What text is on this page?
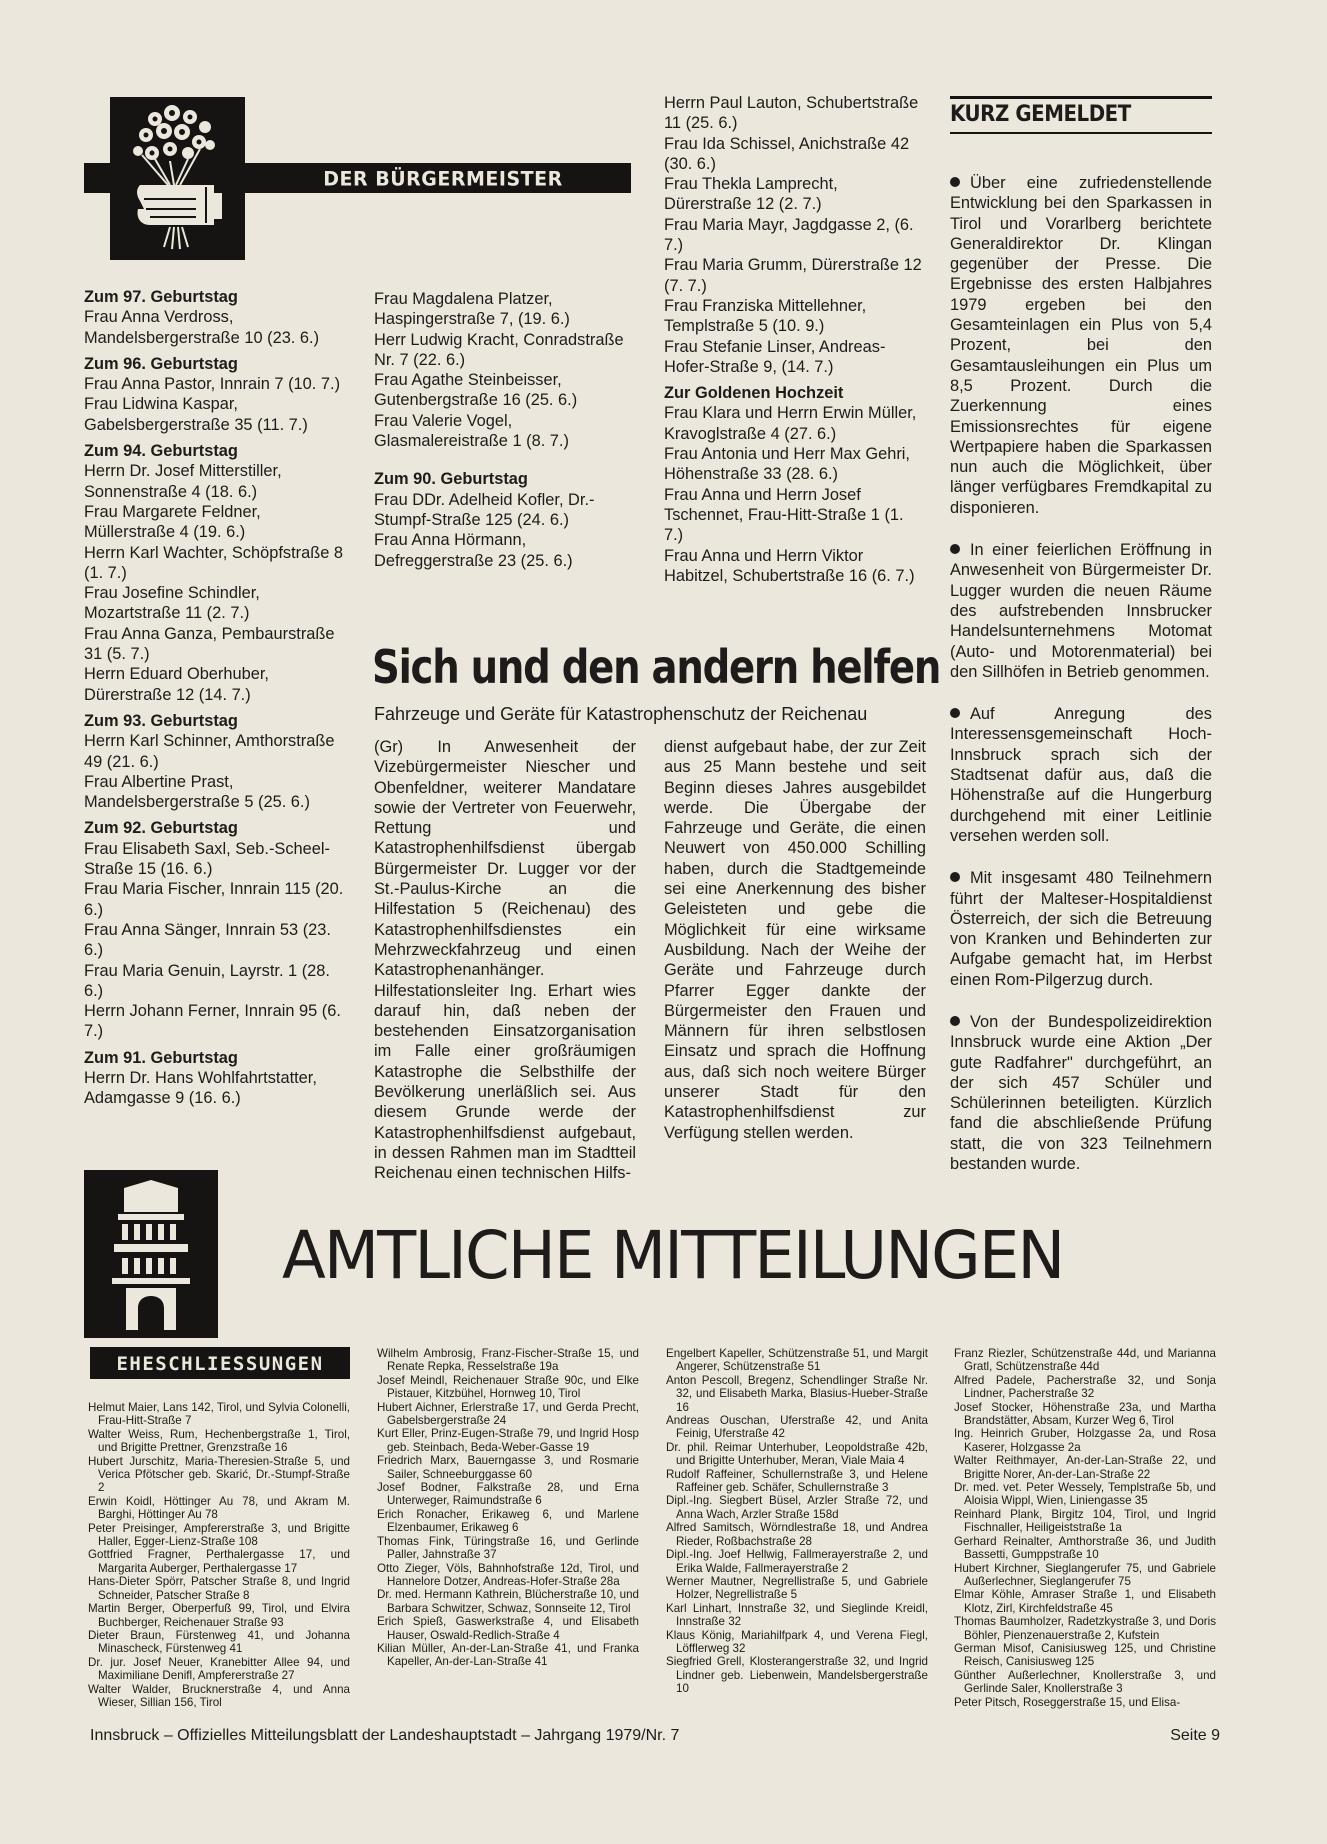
DER BÜRGERMEISTER GRATULIERTE

Zum 97. Geburtstag

Frau Anna Verdross, Mandelsbergerstraße 10 (23. 6.)

Zum 96. Geburtstag

Frau Anna Pastor, Innrain 7 (10. 7.)

Frau Lidwina Kaspar, Gabelsbergerstraße 35 (11. 7.)

Zum 94. Geburtstag

Herrn Dr. Josef Mitterstiller, Sonnenstraße 4 (18. 6.)

Frau Margarete Feldner, Müllerstraße 4 (19. 6.)

Herrn Karl Wachter, Schöpfstraße 8 (1. 7.)

Frau Josefine Schindler, Mozartstraße 11 (2. 7.)

Frau Anna Ganza, Pembaurstraße 31 (5. 7.)

Herrn Eduard Oberhuber, Dürerstraße 12 (14. 7.)

Zum 93. Geburtstag

Herrn Karl Schinner, Amthorstraße 49 (21. 6.)

Frau Albertine Prast, Mandelsbergerstraße 5 (25. 6.)

Zum 92. Geburtstag

Frau Elisabeth Saxl, Seb.-Scheel-Straße 15 (16. 6.)

Frau Maria Fischer, Innrain 115 (20. 6.)

Frau Anna Sänger, Innrain 53 (23. 6.)

Frau Maria Genuin, Layrstr. 1 (28. 6.)

Herrn Johann Ferner, Innrain 95 (6. 7.)

Zum 91. Geburtstag

Herrn Dr. Hans Wohlfahrtstatter, Adamgasse 9 (16. 6.)

Frau Magdalena Platzer, Haspingerstraße 7, (19. 6.)

Herr Ludwig Kracht, Conradstraße Nr. 7 (22. 6.)

Frau Agathe Steinbeisser, Gutenbergstraße 16 (25. 6.)

Frau Valerie Vogel, Glasmalereistraße 1 (8. 7.)

Zum 90. Geburtstag

Frau DDr. Adelheid Kofler, Dr.-Stumpf-Straße 125 (24. 6.)

Frau Anna Hörmann, Defreggerstraße 23 (25. 6.)

Herrn Paul Lauton, Schubertstraße 11 (25. 6.)

Frau Ida Schissel, Anichstraße 42 (30. 6.)

Frau Thekla Lamprecht, Dürerstraße 12 (2. 7.)

Frau Maria Mayr, Jagdgasse 2, (6. 7.)

Frau Maria Grumm, Dürerstraße 12 (7. 7.)

Frau Franziska Mittellehner, Templstraße 5 (10. 9.)

Frau Stefanie Linser, Andreas-Hofer-Straße 9, (14. 7.)

Zur Goldenen Hochzeit

Frau Klara und Herrn Erwin Müller, Kravoglstraße 4 (27. 6.)

Frau Antonia und Herr Max Gehri, Höhenstraße 33 (28. 6.)

Frau Anna und Herrn Josef Tschennet, Frau-Hitt-Straße 1 (1. 7.)

Frau Anna und Herrn Viktor Habitzel, Schubertstraße 16 (6. 7.)

KURZ GEMELDET

Über eine zufriedenstellende Entwicklung bei den Sparkassen in Tirol und Vorarlberg berichtete Generaldirektor Dr. Klingan gegenüber der Presse. Die Ergebnisse des ersten Halbjahres 1979 ergeben bei den Gesamteinlagen ein Plus von 5,4 Prozent, bei den Gesamtausleihungen ein Plus um 8,5 Prozent. Durch die Zuerkennung eines Emissionsrechtes für eigene Wertpapiere haben die Sparkassen nun auch die Möglichkeit, über länger verfügbares Fremdkapital zu disponieren.

In einer feierlichen Eröffnung in Anwesenheit von Bürgermeister Dr. Lugger wurden die neuen Räume des aufstrebenden Innsbrucker Handelsunternehmens Motomat (Auto- und Motorenmaterial) bei den Sillhöfen in Betrieb genommen.

Auf Anregung des Interessensgemeinschaft Hoch-Innsbruck sprach sich der Stadtsenat dafür aus, daß die Höhenstraße auf die Hungerburg durchgehend mit einer Leitlinie versehen werden soll.

Mit insgesamt 480 Teilnehmern führt der Malteser-Hospitaldienst Österreich, der sich die Betreuung von Kranken und Behinderten zur Aufgabe gemacht hat, im Herbst einen Rom-Pilgerzug durch.

Von der Bundespolizeidirektion Innsbruck wurde eine Aktion „Der gute Radfahrer" durchgeführt, an der sich 457 Schüler und Schülerinnen beteiligten. Kürzlich fand die abschließende Prüfung statt, die von 323 Teilnehmern bestanden wurde.

Sich und den andern helfen
Fahrzeuge und Geräte für Katastrophenschutz der Reichenau
(Gr) In Anwesenheit der Vizebürgermeister Niescher und Obenfeldner, weiterer Mandatare sowie der Vertreter von Feuerwehr, Rettung und Katastrophenhilfsdienst übergab Bürgermeister Dr. Lugger vor der St.-Paulus-Kirche an die Hilfestation 5 (Reichenau) des Katastrophenhilfsdienstes ein Mehrzweckfahrzeug und einen Katastrophenanhänger. Hilfestationsleiter Ing. Erhart wies darauf hin, daß neben der bestehenden Einsatzorganisation im Falle einer großräumigen Katastrophe die Selbsthilfe der Bevölkerung unerläßlich sei. Aus diesem Grunde werde der Katastrophenhilfsdienst aufgebaut, in dessen Rahmen man im Stadtteil Reichenau einen technischen Hilfs-
dienst aufgebaut habe, der zur Zeit aus 25 Mann bestehe und seit Beginn dieses Jahres ausgebildet werde. Die Übergabe der Fahrzeuge und Geräte, die einen Neuwert von 450.000 Schilling haben, durch die Stadtgemeinde sei eine Anerkennung des bisher Geleisteten und gebe die Möglichkeit für eine wirksame Ausbildung. Nach der Weihe der Geräte und Fahrzeuge durch Pfarrer Egger dankte der Bürgermeister den Frauen und Männern für ihren selbstlosen Einsatz und sprach die Hoffnung aus, daß sich noch weitere Bürger unserer Stadt für den Katastrophenhilfsdienst zur Verfügung stellen werden.
AMTLICHE MITTEILUNGEN
EHESCHLIESSUNGEN

Helmut Maier, Lans 142, Tirol, und Sylvia Colonelli, Frau-Hitt-Straße 7

Walter Weiss, Rum, Hechenbergstraße 1, Tirol, und Brigitte Prettner, Grenzstraße 16

Hubert Jurschitz, Maria-Theresien-Straße 5, und Verica Pfötscher geb. Skarić, Dr.-Stumpf-Straße 2

Erwin Koidl, Höttinger Au 78, und Akram M. Barghi, Höttinger Au 78

Peter Preisinger, Ampfererstraße 3, und Brigitte Haller, Egger-Lienz-Straße 108

Gottfried Fragner, Perthalergasse 17, und Margarita Auberger, Perthalergasse 17

Hans-Dieter Spörr, Patscher Straße 8, und Ingrid Schneider, Patscher Straße 8

Martin Berger, Oberperfuß 99, Tirol, und Elvira Buchberger, Reichenauer Straße 93

Dieter Braun, Fürstenweg 41, und Johanna Minascheck, Fürstenweg 41

Dr. jur. Josef Neuer, Kranebitter Allee 94, und Maximiliane Denifl, Ampfererstraße 27

Walter Walder, Brucknerstraße 4, und Anna Wieser, Sillian 156, Tirol

Wilhelm Ambrosig, Franz-Fischer-Straße 15, und Renate Repka, Resselstraße 19a

Josef Meindl, Reichenauer Straße 90c, und Elke Pistauer, Kitzbühel, Hornweg 10, Tirol

Hubert Aichner, Erlerstraße 17, und Gerda Precht, Gabelsbergerstraße 24

Kurt Eller, Prinz-Eugen-Straße 79, und Ingrid Hosp geb. Steinbach, Beda-Weber-Gasse 19

Friedrich Marx, Bauerngasse 3, und Rosmarie Sailer, Schneeburggasse 60

Josef Bodner, Falkstraße 28, und Erna Unterweger, Raimundstraße 6

Erich Ronacher, Erikaweg 6, und Marlene Elzenbaumer, Erikaweg 6

Thomas Fink, Türingstraße 16, und Gerlinde Paller, Jahnstraße 37

Otto Zieger, Völs, Bahnhofstraße 12d, Tirol, und Hannelore Dotzer, Andreas-Hofer-Straße 28a

Dr. med. Hermann Kathrein, Blücherstraße 10, und Barbara Schwitzer, Schwaz, Sonnseite 12, Tirol

Erich Spieß, Gaswerkstraße 4, und Elisabeth Hauser, Oswald-Redlich-Straße 4

Kilian Müller, An-der-Lan-Straße 41, und Franka Kapeller, An-der-Lan-Straße 41

Engelbert Kapeller, Schützenstraße 51, und Margit Angerer, Schützenstraße 51

Anton Pescoll, Bregenz, Schendlinger Straße Nr. 32, und Elisabeth Marka, Blasius-Hueber-Straße 16

Andreas Ouschan, Uferstraße 42, und Anita Feinig, Uferstraße 42

Dr. phil. Reimar Unterhuber, Leopoldstraße 42b, und Brigitte Unterhuber, Meran, Viale Maia 4

Rudolf Raffeiner, Schullernstraße 3, und Helene Raffeiner geb. Schäfer, Schullernstraße 3

Dipl.-Ing. Siegbert Büsel, Arzler Straße 72, und Anna Wach, Arzler Straße 158d

Alfred Samitsch, Wörndlestraße 18, und Andrea Rieder, Roßbachstraße 28

Dipl.-Ing. Joef Hellwig, Fallmerayerstraße 2, und Erika Walde, Fallmerayerstraße 2

Werner Mautner, Negrellistraße 5, und Gabriele Holzer, Negrellistraße 5

Karl Linhart, Innstraße 32, und Sieglinde Kreidl, Innstraße 32

Klaus König, Mariahilfpark 4, und Verena Fiegl, Löfflerweg 32

Siegfried Grell, Klosterangerstraße 32, und Ingrid Lindner geb. Liebenwein, Mandelsbergerstraße 10

Franz Riezler, Schützenstraße 44d, und Marianna Gratl, Schützenstraße 44d

Alfred Padele, Pacherstraße 32, und Sonja Lindner, Pacherstraße 32

Josef Stocker, Höhenstraße 23a, und Martha Brandstätter, Absam, Kurzer Weg 6, Tirol

Ing. Heinrich Gruber, Holzgasse 2a, und Rosa Kaserer, Holzgasse 2a

Walter Reithmayer, An-der-Lan-Straße 22, und Brigitte Norer, An-der-Lan-Straße 22

Dr. med. vet. Peter Wessely, Templstraße 5b, und Aloisia Wippl, Wien, Liniengasse 35

Reinhard Plank, Birgitz 104, Tirol, und Ingrid Fischnaller, Heiligeiststraße 1a

Gerhard Reinalter, Amthorstraße 36, und Judith Bassetti, Gumppstraße 10

Hubert Kirchner, Sieglangerufer 75, und Gabriele Außerlechner, Sieglangerufer 75

Elmar Köhle, Amraser Straße 1, und Elisabeth Klotz, Zirl, Kirchfeldstraße 45

Thomas Baumholzer, Radetzkystraße 3, und Doris Böhler, Pienzenauerstraße 2, Kufstein

German Misof, Canisiusweg 125, und Christine Reisch, Canisiusweg 125

Günther Außerlechner, Knollerstraße 3, und Gerlinde Saler, Knollerstraße 3

Peter Pitsch, Roseggerstraße 15, und Elisa-

Innsbruck – Offizielles Mitteilungsblatt der Landeshauptstadt – Jahrgang 1979/Nr. 7	Seite 9
